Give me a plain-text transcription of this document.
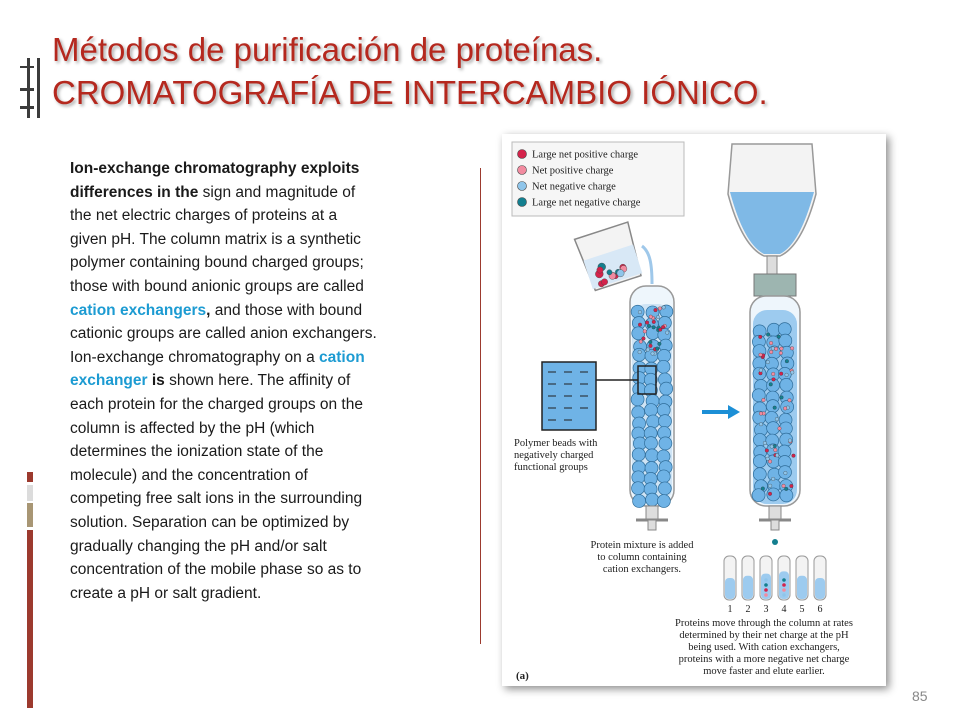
Métodos de purificación de proteínas.
CROMATOGRAFÍA DE INTERCAMBIO IÓNICO.
Ion-exchange chromatography exploits
differences in the sign and magnitude of
the net electric charges of proteins at a
given pH. The column matrix is a synthetic
polymer containing bound charged groups;
those with bound anionic groups are called
cation exchangers, and those with bound
cationic groups are called anion exchangers.
Ion-exchange chromatography on a cation
exchanger is shown here. The affinity of
each protein for the charged groups on the
column is affected by the pH (which
determines the ionization state of the
molecule) and the concentration of
competing free salt ions in the surrounding
solution. Separation can be optimized by
gradually changing the pH and/or salt
concentration of the mobile phase so as to
create a pH or salt gradient.
Large net positive charge
Net positive charge
Net negative charge
Large net negative charge
1 2 3 4 5 6
Polymer beads with
negatively charged
functional groups
Protein mixture is added
to column containing
cation exchangers.
Proteins move through the column at rates
determined by their net charge at the pH
being used. With cation exchangers,
proteins with a more negative net charge
move faster and elute earlier.
(a)
85
